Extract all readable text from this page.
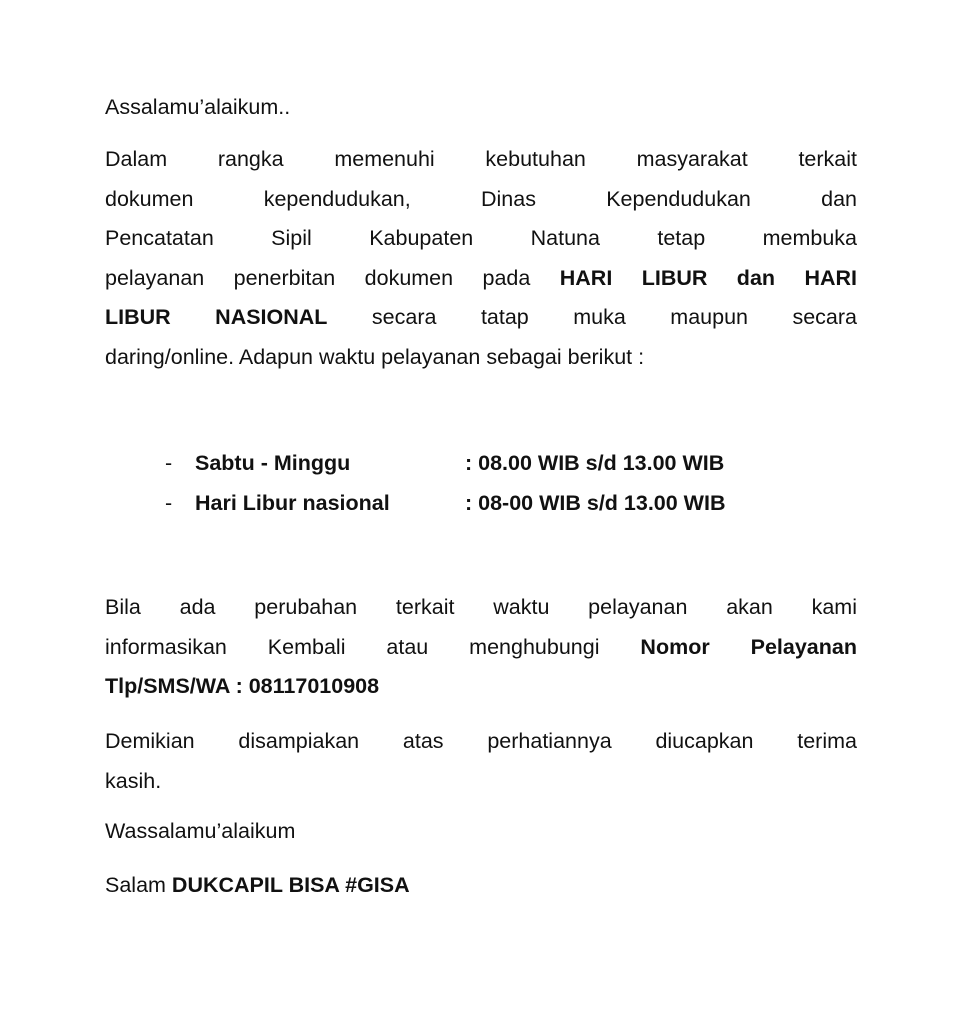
Assalamu’alaikum..
Dalam rangka memenuhi kebutuhan masyarakat terkait
dokumen kependudukan, Dinas Kependudukan dan
Pencatatan Sipil Kabupaten Natuna tetap membuka
pelayanan penerbitan dokumen pada HARI LIBUR dan HARI
LIBUR NASIONAL secara tatap muka maupun secara
daring/online. Adapun waktu pelayanan sebagai berikut :
- Sabtu - Minggu	: 08.00 WIB s/d 13.00 WIB
- Hari Libur nasional	: 08-00 WIB s/d 13.00 WIB
Bila ada perubahan terkait waktu pelayanan akan kami
informasikan Kembali atau menghubungi Nomor Pelayanan
Tlp/SMS/WA : 08117010908
Demikian disampiakan atas perhatiannya diucapkan terima
kasih.
Wassalamu’alaikum
Salam DUKCAPIL BISA #GISA
